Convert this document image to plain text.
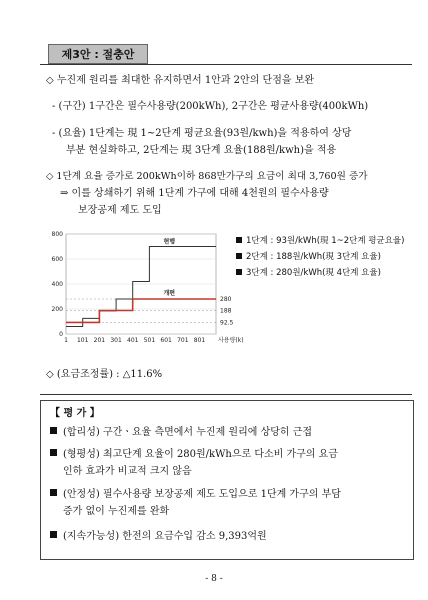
제3안 : 절충안
◇ 누진제 원리를 최대한 유지하면서 1안과 2안의 단점을 보완
- (구간) 1구간은 필수사용량(200kWh), 2구간은 평균사용량(400kWh)
- (요율) 1단계는 現 1~2단계 평균요율(93원/kwh)을 적용하여 상당
부분 현실화하고, 2단계는 現 3단계 요율(188원/kwh)을 적용
◇ 1단계 요율 증가로 200kWh이하 868만가구의 요금이 최대 3,760원 증가
⇒ 이를 상쇄하기 위해 1단계 가구에 대해 4천원의 필수사용량
보장공제 제도 도입
0
200
400
600
800
1 101 201 301 401 501 601 701 801 사용량(k)
280
188
92.5
현행
개편
1단계 : 93원/kWh(現 1~2단계 평균요율)
2단계 : 188원/kWh(現 3단계 요율)
3단계 : 280원/kWh(現 4단계 요율)
◇ (요금조정률) : △11.6%
【 평 가 】
(합리성) 구간ㆍ요율 측면에서 누진제 원리에 상당히 근접
(형평성) 최고단계 요율이 280원/kWh으로 다소비 가구의 요금
인하 효과가 비교적 크지 않음
(안정성) 필수사용량 보장공제 제도 도입으로 1단계 가구의 부담
증가 없이 누진제를 완화
(지속가능성) 한전의 요금수입 감소 9,393억원
- 8 -
